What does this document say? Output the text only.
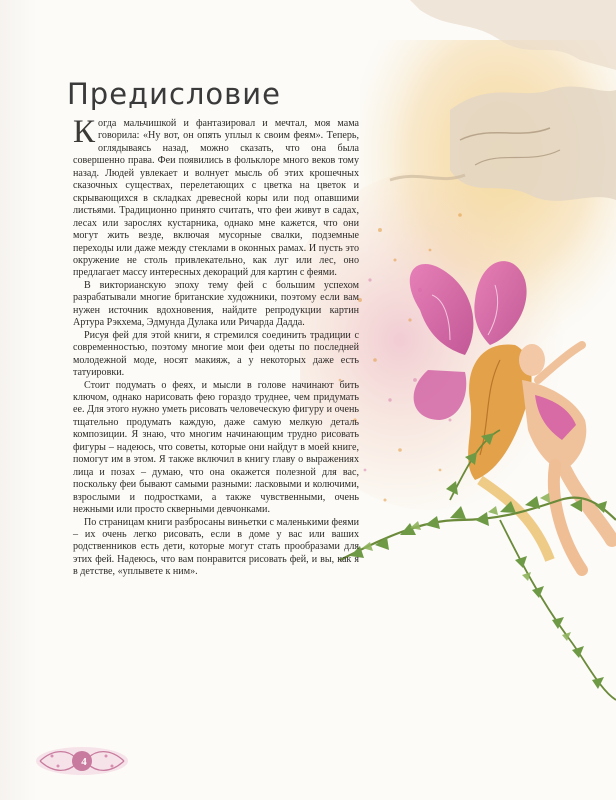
Предисловие

Когда мальчишкой и фантазировал и мечтал, моя мама говорила: «Ну вот, он опять уплыл к своим феям». Теперь, оглядываясь назад, можно сказать, что она была совершенно права. Феи появились в фольклоре много веков тому назад. Людей увлекает и волнует мысль об этих крошечных сказочных существах, перелетающих с цветка на цветок и скрывающихся в складках древесной коры или под опавшими листьями. Традиционно принято считать, что феи живут в садах, лесах или зарослях кустарника, однако мне кажется, что они могут жить везде, включая мусорные свалки, подземные переходы или даже между стеклами в оконных рамах. И пусть это окружение не столь привлекательно, как луг или лес, оно предлагает массу интересных декораций для картин с феями.

В викторианскую эпоху тему фей с большим успехом разрабатывали многие британские художники, поэтому если вам нужен источник вдохновения, найдите репродукции картин Артура Рэкхема, Эдмунда Дулака или Ричарда Дадда.

Рисуя фей для этой книги, я стремился соединить традиции с современностью, поэтому многие мои феи одеты по последней молодежной моде, носят макияж, а у некоторых даже есть татуировки.

Стоит подумать о феях, и мысли в голове начинают бить ключом, однако нарисовать фею гораздо труднее, чем придумать ее. Для этого нужно уметь рисовать человеческую фигуру и очень тщательно продумать каждую, даже самую мелкую деталь композиции. Я знаю, что многим начинающим трудно рисовать фигуры – надеюсь, что советы, которые они найдут в моей книге, помогут им в этом. Я также включил в книгу главу о выражениях лица и позах – думаю, что она окажется полезной для вас, поскольку феи бывают самыми разными: ласковыми и колючими, взрослыми и подростками, а также чувственными, очень нежными или просто скверными девчонками.

По страницам книги разбросаны виньетки с маленькими феями – их очень легко рисовать, если в доме у вас или ваших родственников есть дети, которые могут стать прообразами для этих фей. Надеюсь, что вам понравится рисовать фей, и вы, как я в детстве, «уплывете к ним».

4
